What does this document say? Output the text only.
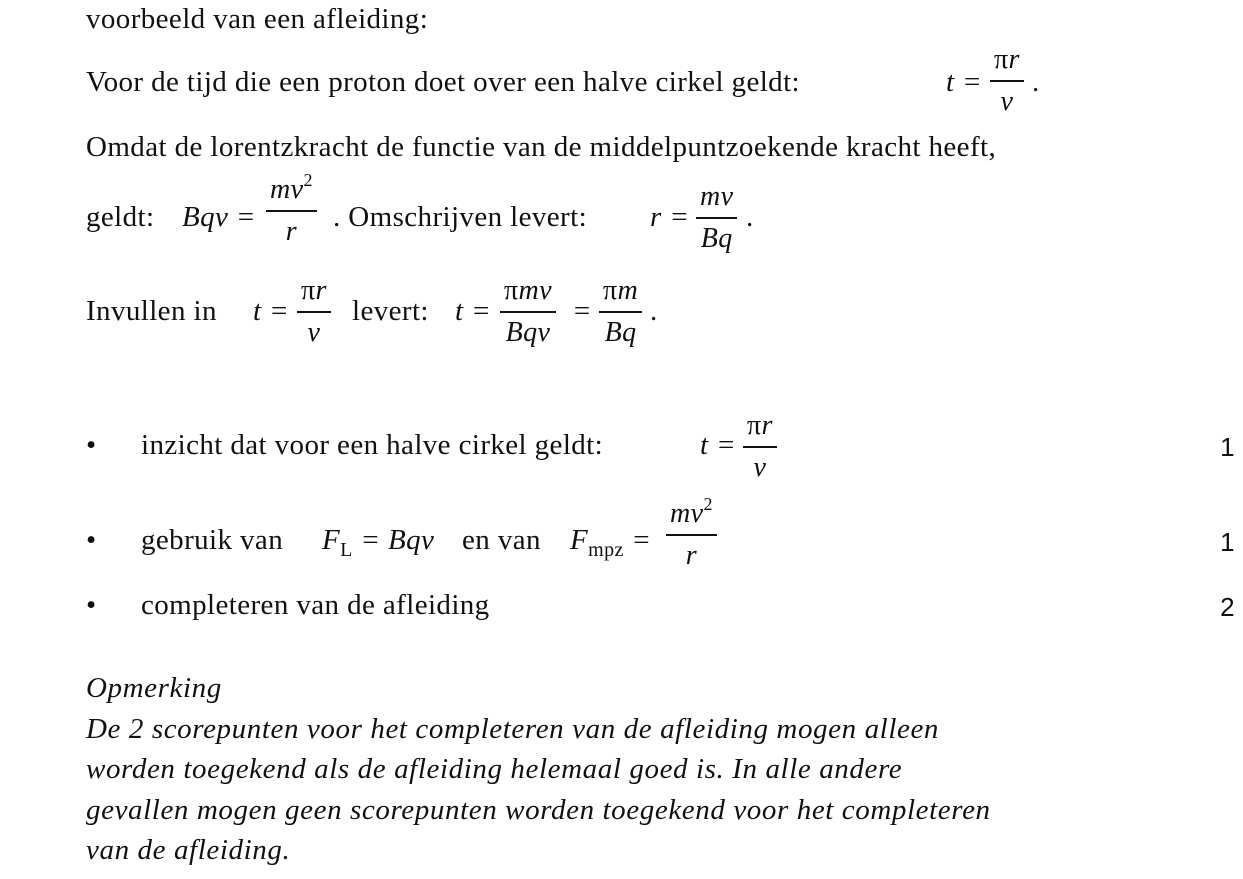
voorbeeld van een afleiding:
Voor de tijd die een proton doet over een halve cirkel geldt:	t =
πr
v
.
Omdat de lorentzkracht de functie van de middelpuntzoekende kracht heeft,
geldt: Bqv =
$mv^2$
r . Omschrijven levert: r =
mv
Bq
.
Invullen in t =
πr
v
levert: t =
πmv
Bqv
=
πm
Bq
.
• inzicht dat voor een halve cirkel geldt:	t =
πr
v
1
• gebruik van $F_L$ = Bqv en van $F_{mpz}$ =
$mv^2$
r	1
• completeren van de afleiding	2
Opmerking
De 2 scorepunten voor het completeren van de afleiding mogen alleen
worden toegekend als de afleiding helemaal goed is. In alle andere
gevallen mogen geen scorepunten worden toegekend voor het completeren
van de afleiding.
